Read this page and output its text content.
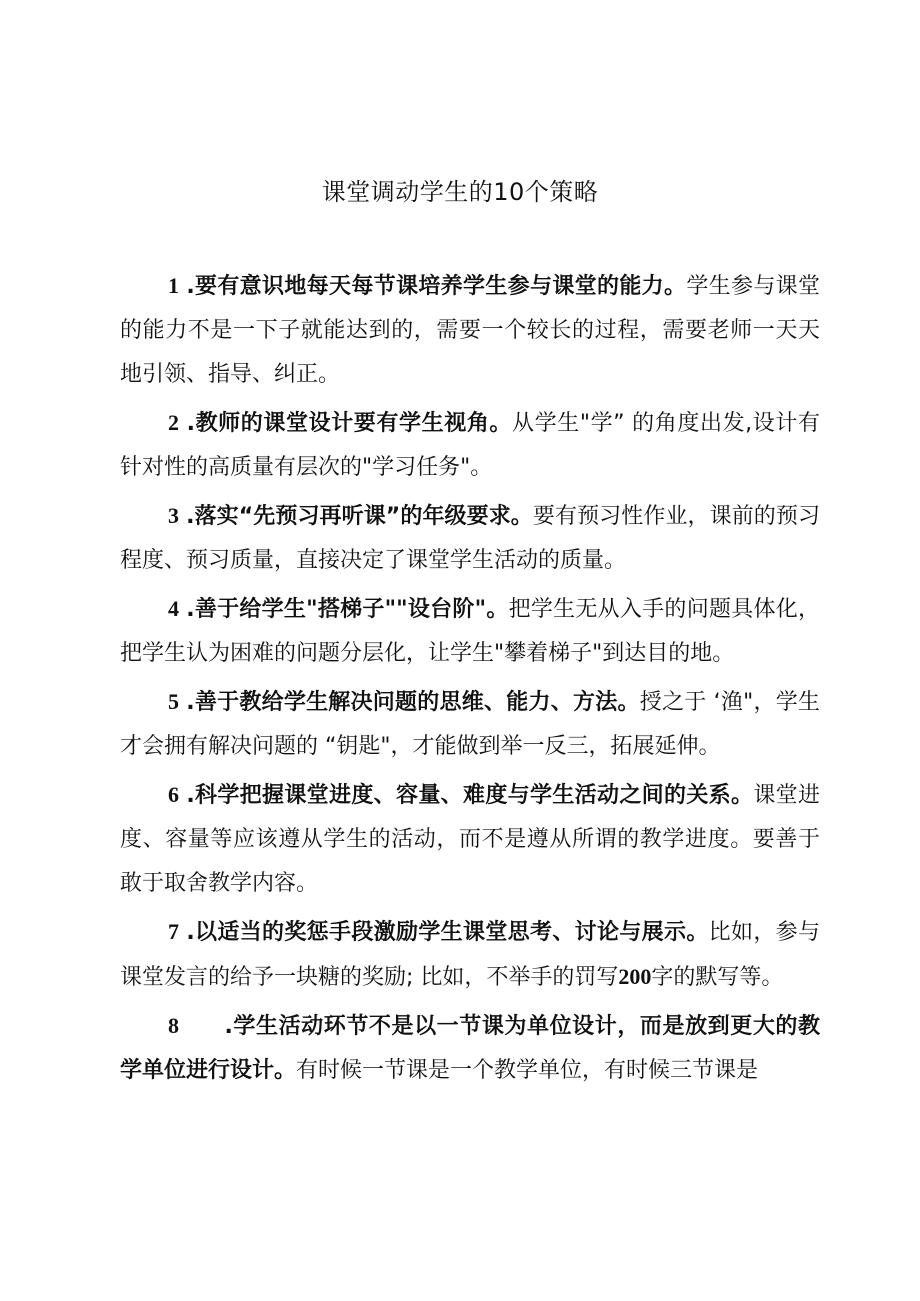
课堂调动学生的10个策略

1 .要有意识地每天每节课培养学生参与课堂的能力。学生参与课堂的能力不是一下子就能达到的，需要一个较长的过程，需要老师一天天地引领、指导、纠正。

2 .教师的课堂设计要有学生视角。从学生"学” 的角度出发,设计有针对性的高质量有层次的"学习任务"。

3 .落实“先预习再听课”的年级要求。要有预习性作业，课前的预习程度、预习质量，直接决定了课堂学生活动的质量。

4 .善于给学生"搭梯子""设台阶"。把学生无从入手的问题具体化，把学生认为困难的问题分层化，让学生"攀着梯子"到达目的地。

5 .善于教给学生解决问题的思维、能力、方法。授之于 ‘渔"，学生才会拥有解决问题的 “钥匙"，才能做到举一反三，拓展延伸。

6 .科学把握课堂进度、容量、难度与学生活动之间的关系。课堂进度、容量等应该遵从学生的活动，而不是遵从所谓的教学进度。要善于敢于取舍教学内容。

7 .以适当的奖惩手段激励学生课堂思考、讨论与展示。比如，参与课堂发言的给予一块糖的奖励; 比如，不举手的罚写200字的默写等。

8 .学生活动环节不是以一节课为单位设计，而是放到更大的教学单位进行设计。有时候一节课是一个教学单位，有时候三节课是
